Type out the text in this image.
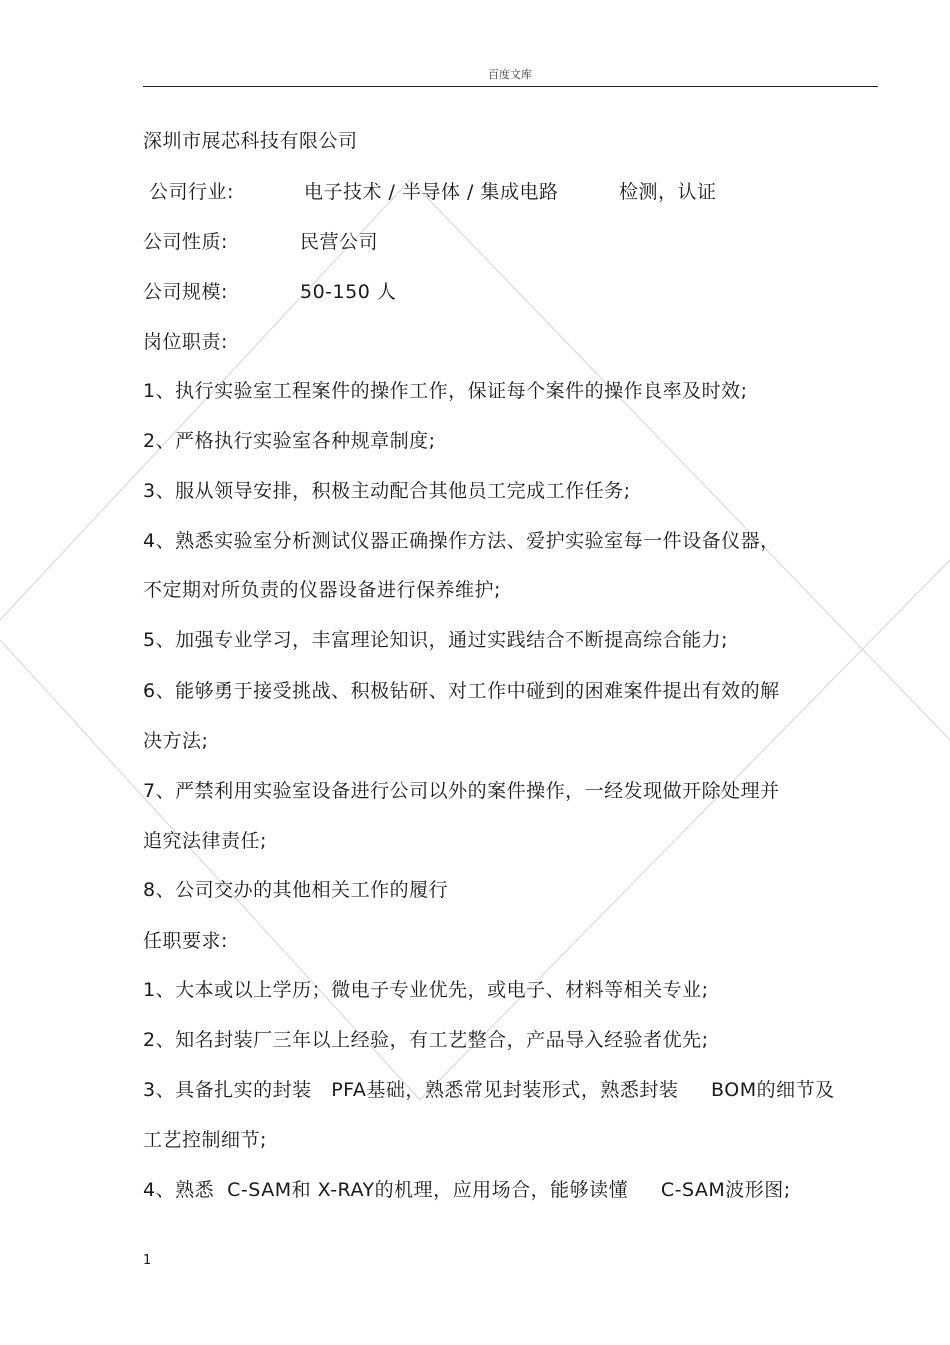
百度文库
深圳市展芯科技有限公司
公司行业:	电子技术 / 半导体 / 集成电路	检测，认证
公司性质:	民营公司
公司规模:	50-150 人
岗位职责:
1、执行实验室工程案件的操作工作，保证每个案件的操作良率及时效;
2、严格执行实验室各种规章制度;
3、服从领导安排，积极主动配合其他员工完成工作任务;
4、熟悉实验室分析测试仪器正确操作方法、爱护实验室每一件设备仪器，
不定期对所负责的仪器设备进行保养维护;
5、加强专业学习，丰富理论知识，通过实践结合不断提高综合能力;
6、能够勇于接受挑战、积极钻研、对工作中碰到的困难案件提出有效的解
决方法;
7、严禁利用实验室设备进行公司以外的案件操作，一经发现做开除处理并
追究法律责任;
8、公司交办的其他相关工作的履行
任职要求:
1、大本或以上学历；微电子专业优先，或电子、材料等相关专业;
2、知名封装厂三年以上经验，有工艺整合，产品导入经验者优先;
3、具备扎实的封装   PFA基础，熟悉常见封装形式，熟悉封装     BOM的细节及
工艺控制细节;
4、熟悉  C-SAM和 X-RAY的机理，应用场合，能够读懂     C-SAM波形图;
1
